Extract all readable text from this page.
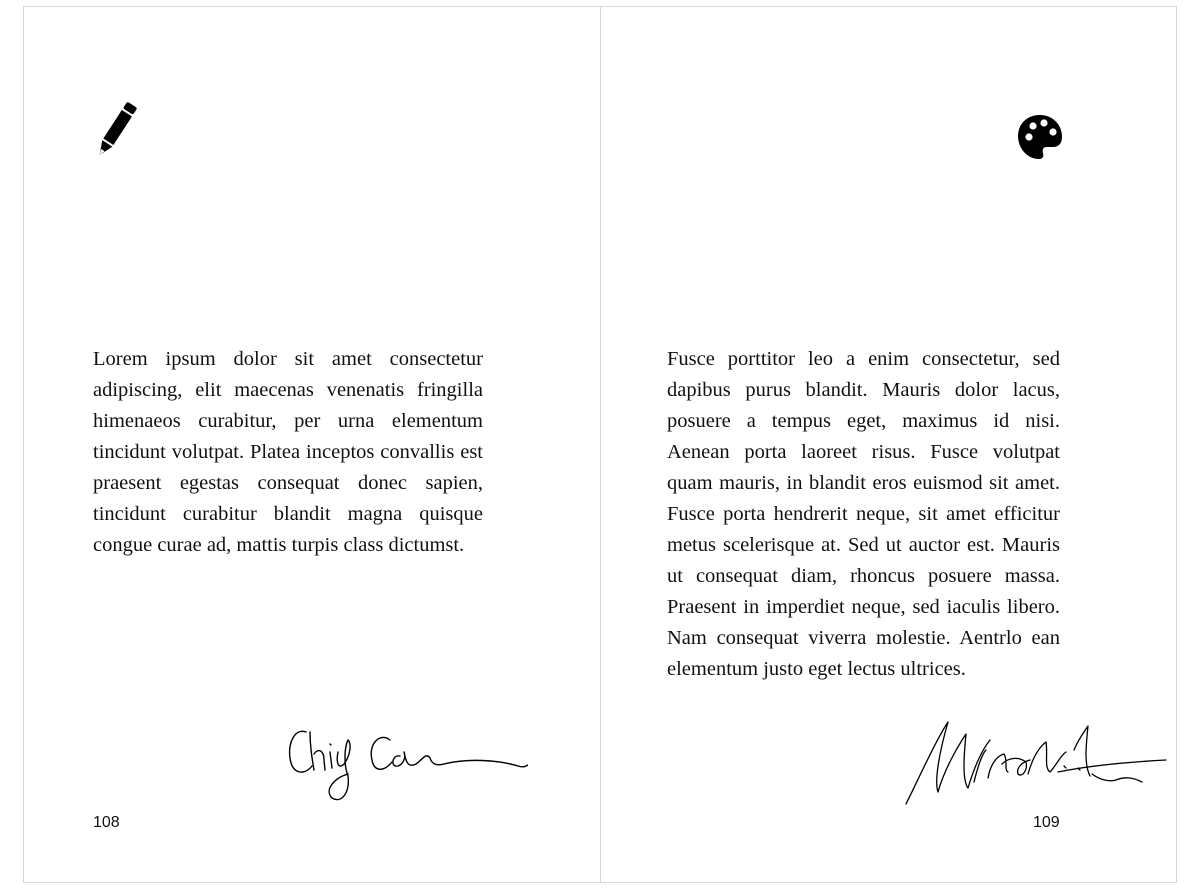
Lorem ipsum dolor sit amet consectetur adipiscing, elit maecenas venenatis fringilla himenaeos curabitur, per urna elementum tincidunt volutpat. Platea inceptos convallis est praesent egestas consequat donec sapien, tincidunt curabitur blandit magna quisque congue curae ad, mattis turpis class dictumst.

Fusce porttitor leo a enim consectetur, sed dapibus purus blandit. Mauris dolor lacus, posuere a tempus eget, maximus id nisi. Aenean porta laoreet risus. Fusce volutpat quam mauris, in blandit eros euismod sit amet. Fusce porta hendrerit neque, sit amet efficitur metus scelerisque at. Sed ut auctor est. Mauris ut consequat diam, rhoncus posuere massa. Praesent in imperdiet neque, sed iaculis libero. Nam consequat viverra molestie. Aentrlo ean elementum justo eget lectus ultrices.

108	109
